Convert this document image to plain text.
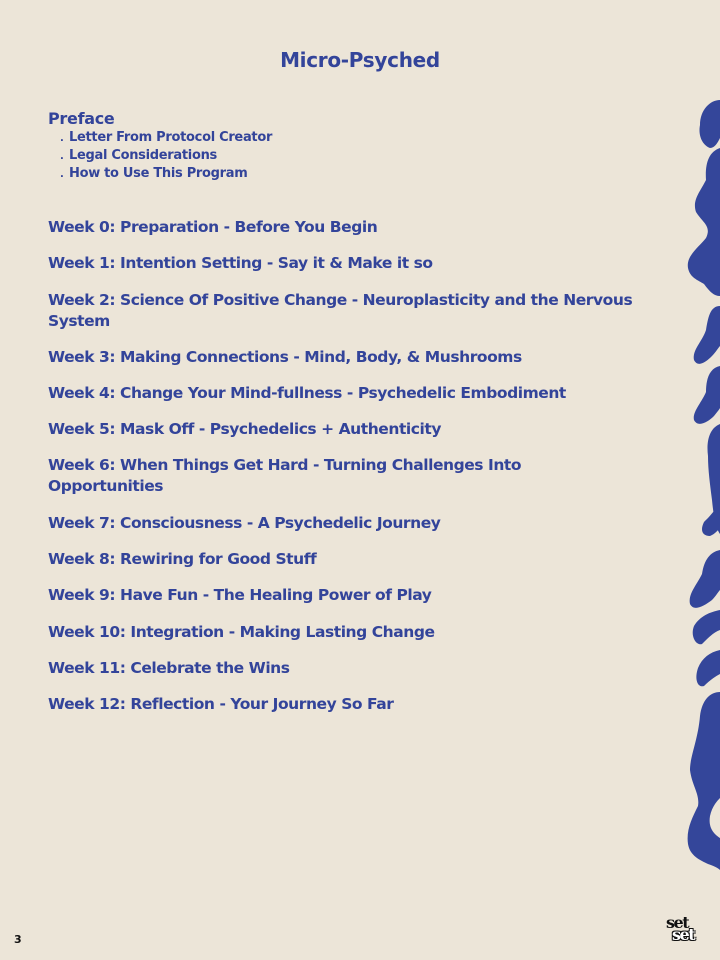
Micro-Psyched
Preface
. Letter From Protocol Creator
. Legal Considerations
. How to Use This Program
Week 0: Preparation - Before You Begin
Week 1: Intention Setting - Say it & Make it so
Week 2: Science Of Positive Change - Neuroplasticity and the Nervous System
Week 3: Making Connections - Mind, Body, & Mushrooms
Week 4: Change Your Mind-fullness - Psychedelic Embodiment
Week 5: Mask Off - Psychedelics + Authenticity
Week 6: When Things Get Hard - Turning Challenges Into Opportunities
Week 7: Consciousness - A Psychedelic Journey
Week 8: Rewiring for Good Stuff
Week 9: Have Fun - The Healing Power of Play
Week 10: Integration - Making Lasting Change
Week 11: Celebrate the Wins
Week 12: Reflection - Your Journey So Far
3
set
set
